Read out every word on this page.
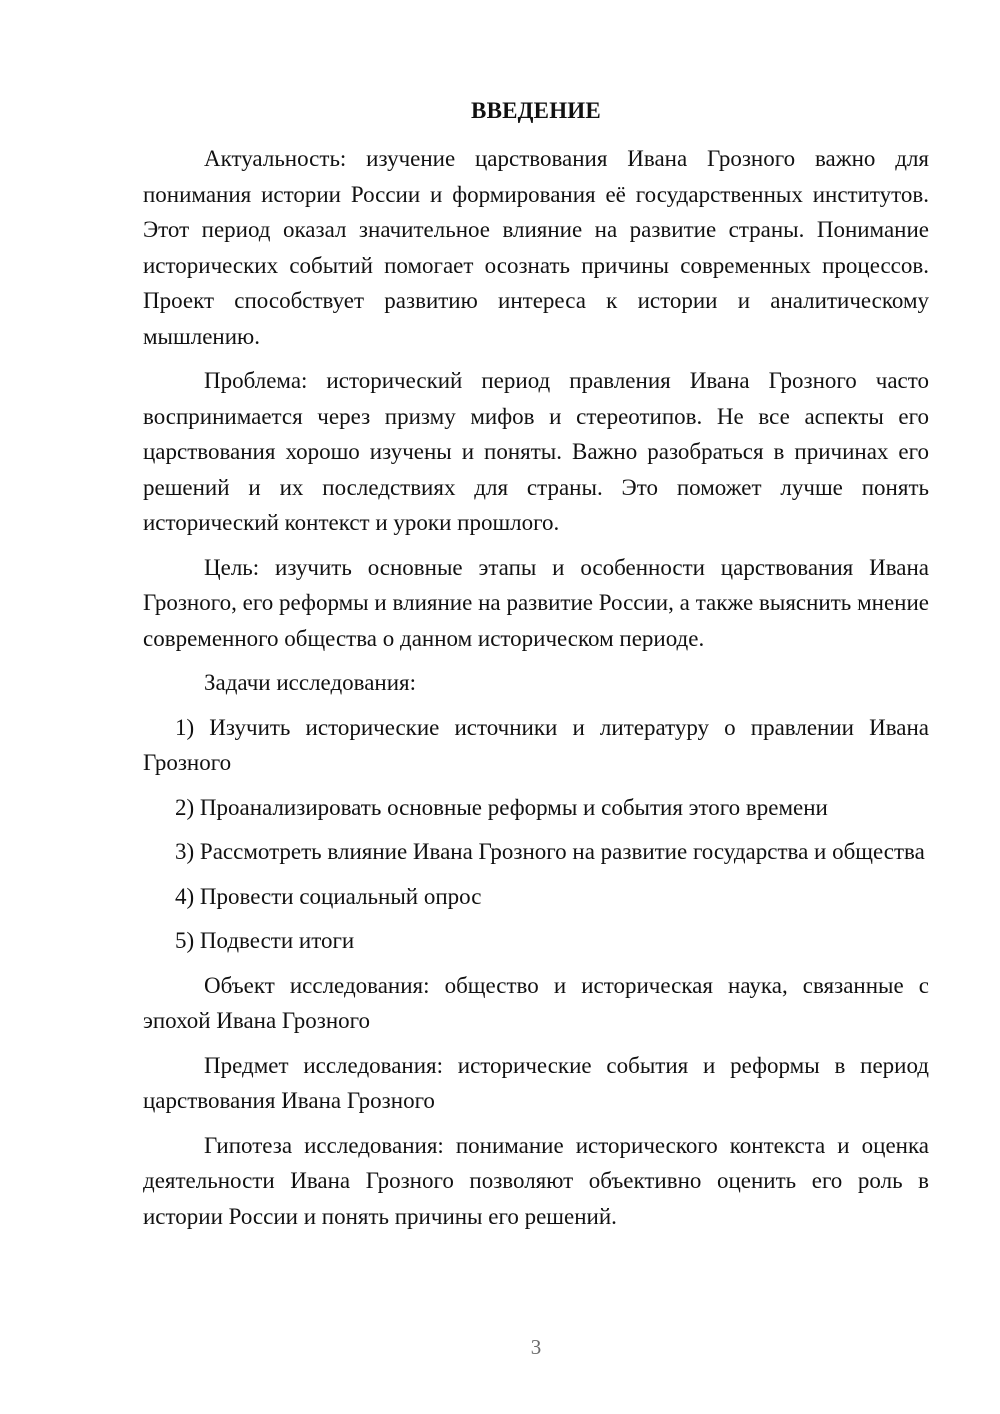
ВВЕДЕНИЕ

Актуальность: изучение царствования Ивана Грозного важно для понимания истории России и формирования её государственных институтов. Этот период оказал значительное влияние на развитие страны. Понимание исторических событий помогает осознать причины современных процессов. Проект способствует развитию интереса к истории и аналитическому мышлению.

Проблема: исторический период правления Ивана Грозного часто воспринимается через призму мифов и стереотипов. Не все аспекты его царствования хорошо изучены и поняты. Важно разобраться в причинах его решений и их последствиях для страны. Это поможет лучше понять исторический контекст и уроки прошлого.

Цель: изучить основные этапы и особенности царствования Ивана Грозного, его реформы и влияние на развитие России, а также выяснить мнение современного общества о данном историческом периоде.

Задачи исследования:

1) Изучить исторические источники и литературу о правлении Ивана Грозного

2) Проанализировать основные реформы и события этого времени

3) Рассмотреть влияние Ивана Грозного на развитие государства и общества

4) Провести социальный опрос

5) Подвести итоги

Объект исследования: общество и историческая наука, связанные с эпохой Ивана Грозного

Предмет исследования: исторические события и реформы в период царствования Ивана Грозного

Гипотеза исследования: понимание исторического контекста и оценка деятельности Ивана Грозного позволяют объективно оценить его роль в истории России и понять причины его решений.

3
